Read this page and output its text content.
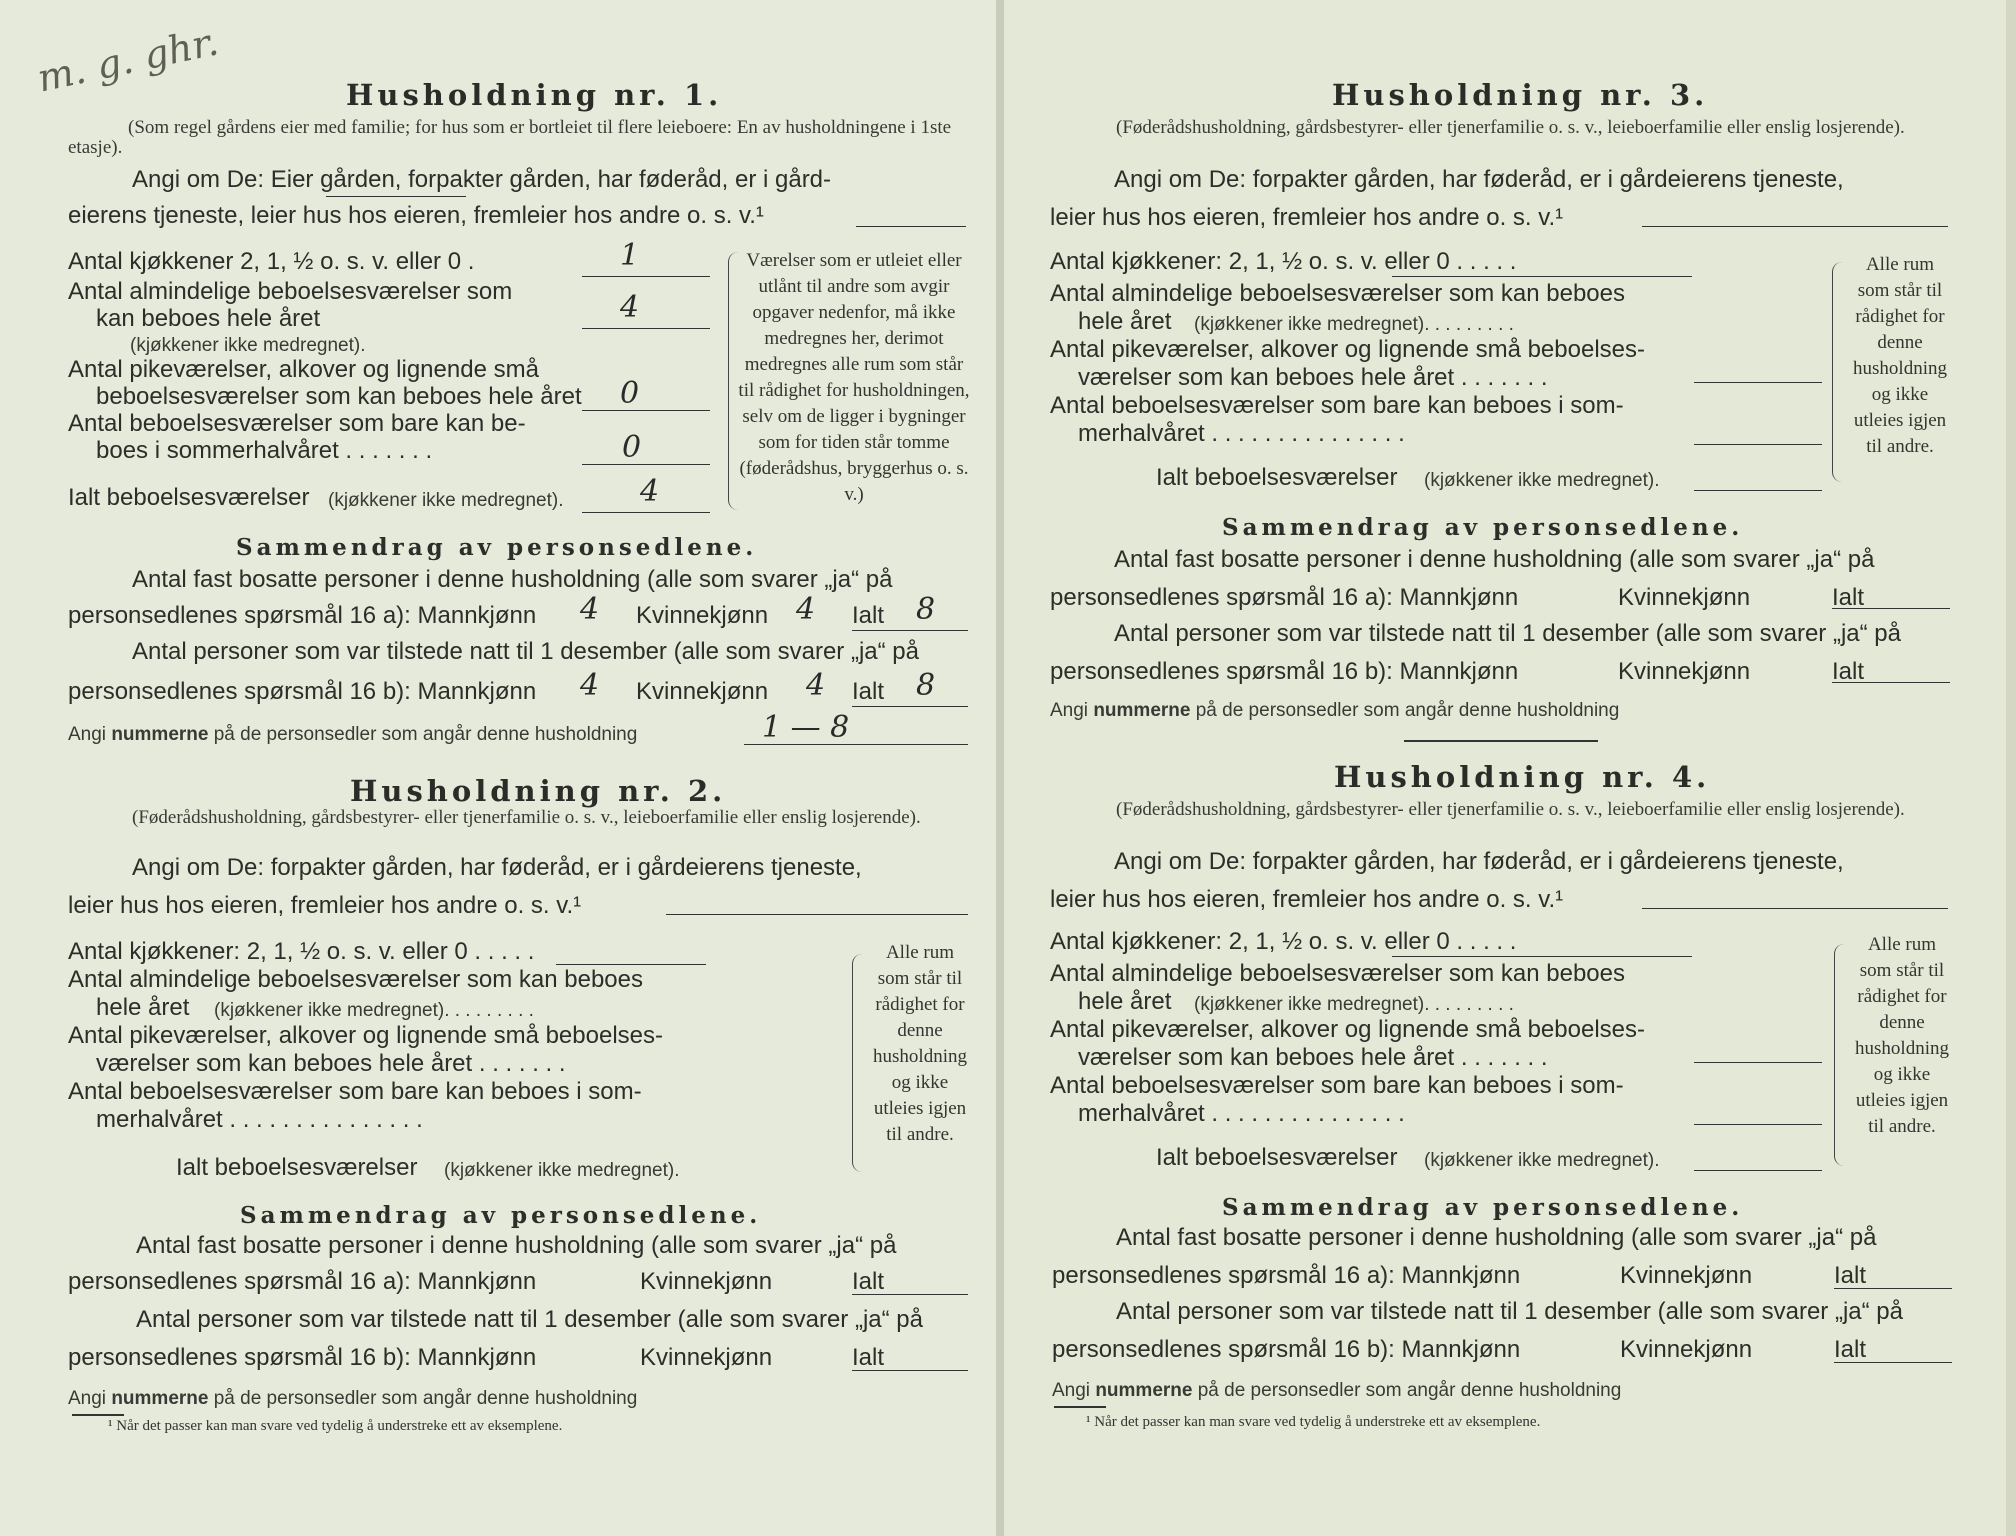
m. g. ghr.	Husholdning nr. 1.
(Som regel gårdens eier med familie; for hus som er bortleiet til flere leieboere: En av husholdningene i 1ste etasje).
Angi om De: Eier gården, forpakter gården, har føderåd, er i gård-
eierens tjeneste, leier hus hos eieren, fremleier hos andre o. s. v.¹
Antal kjøkkener 2, 1, ½ o. s. v. eller 0 .	1
Antal almindelige beboelsesværelser som
kan beboes hele året
(kjøkkener ikke medregnet).
4
Antal pikeværelser, alkover og lignende små
beboelsesværelser som kan beboes hele året 0
Antal beboelsesværelser som bare kan be-
boes i sommerhalvåret . . . . . . .	0
Ialt beboelsesværelser (kjøkkener ikke medregnet).	4
Værelser som er utleiet eller utlånt til andre som avgir opgaver nedenfor, må ikke medregnes her, derimot medregnes alle rum som står til rådighet for husholdningen, selv om de ligger i bygninger som for tiden står tomme (føderådshus, bryggerhus o. s. v.)
Sammendrag av personsedlene.
Antal fast bosatte personer i denne husholdning (alle som svarer „ja“ på
personsedlenes spørsmål 16 a): Mannkjønn 4 Kvinnekjønn 4 Ialt 8
Antal personer som var tilstede natt til 1 desember (alle som svarer „ja“ på
personsedlenes spørsmål 16 b): Mannkjønn 4 Kvinnekjønn 4 Ialt 8
Angi nummerne på de personsedler som angår denne husholdning	1 — 8
Husholdning nr. 2.
(Føderådshusholdning, gårdsbestyrer- eller tjenerfamilie o. s. v., leieboerfamilie eller enslig losjerende).
Angi om De: forpakter gården, har føderåd, er i gårdeierens tjeneste,
leier hus hos eieren, fremleier hos andre o. s. v.¹
Antal kjøkkener: 2, 1, ½ o. s. v. eller 0 . . . . .
Antal almindelige beboelsesværelser som kan beboes
hele året (kjøkkener ikke medregnet). . . . . . . . .
Antal pikeværelser, alkover og lignende små beboelses-
værelser som kan beboes hele året . . . . . . .
Antal beboelsesværelser som bare kan beboes i som-
merhalvåret . . . . . . . . . . . . . . .
Ialt beboelsesværelser (kjøkkener ikke medregnet).
Alle rum som står til rådighet for denne husholdning og ikke utleies igjen til andre.
Sammendrag av personsedlene.
Antal fast bosatte personer i denne husholdning (alle som svarer „ja“ på
personsedlenes spørsmål 16 a): Mannkjønn	Kvinnekjønn	Ialt
Antal personer som var tilstede natt til 1 desember (alle som svarer „ja“ på
personsedlenes spørsmål 16 b): Mannkjønn	Kvinnekjønn	Ialt
Angi nummerne på de personsedler som angår denne husholdning
¹ Når det passer kan man svare ved tydelig å understreke ett av eksemplene.
Husholdning nr. 3.
(Føderådshusholdning, gårdsbestyrer- eller tjenerfamilie o. s. v., leieboerfamilie eller enslig losjerende).
Angi om De: forpakter gården, har føderåd, er i gårdeierens tjeneste,
leier hus hos eieren, fremleier hos andre o. s. v.¹
Antal kjøkkener: 2, 1, ½ o. s. v. eller 0 . . . . .
Antal almindelige beboelsesværelser som kan beboes
hele året (kjøkkener ikke medregnet). . . . . . . . .
Antal pikeværelser, alkover og lignende små beboelses-
værelser som kan beboes hele året . . . . . . .
Antal beboelsesværelser som bare kan beboes i som-
merhalvåret . . . . . . . . . . . . . . .
Ialt beboelsesværelser (kjøkkener ikke medregnet).
Alle rum som står til rådighet for denne husholdning og ikke utleies igjen til andre.
Sammendrag av personsedlene.
Antal fast bosatte personer i denne husholdning (alle som svarer „ja“ på
personsedlenes spørsmål 16 a): Mannkjønn	Kvinnekjønn	Ialt
Antal personer som var tilstede natt til 1 desember (alle som svarer „ja“ på
personsedlenes spørsmål 16 b): Mannkjønn	Kvinnekjønn	Ialt
Angi nummerne på de personsedler som angår denne husholdning
Husholdning nr. 4.
(Føderådshusholdning, gårdsbestyrer- eller tjenerfamilie o. s. v., leieboerfamilie eller enslig losjerende).
Angi om De: forpakter gården, har føderåd, er i gårdeierens tjeneste,
leier hus hos eieren, fremleier hos andre o. s. v.¹
Antal kjøkkener: 2, 1, ½ o. s. v. eller 0 . . . . .
Antal almindelige beboelsesværelser som kan beboes
hele året (kjøkkener ikke medregnet). . . . . . . . .
Antal pikeværelser, alkover og lignende små beboelses-
værelser som kan beboes hele året . . . . . . .
Antal beboelsesværelser som bare kan beboes i som-
merhalvåret . . . . . . . . . . . . . . .
Ialt beboelsesværelser (kjøkkener ikke medregnet).
Alle rum som står til rådighet for denne husholdning og ikke utleies igjen til andre.
Sammendrag av personsedlene.
Antal fast bosatte personer i denne husholdning (alle som svarer „ja“ på
personsedlenes spørsmål 16 a): Mannkjønn	Kvinnekjønn	Ialt
Antal personer som var tilstede natt til 1 desember (alle som svarer „ja“ på
personsedlenes spørsmål 16 b): Mannkjønn	Kvinnekjønn	Ialt
Angi nummerne på de personsedler som angår denne husholdning
¹ Når det passer kan man svare ved tydelig å understreke ett av eksemplene.
